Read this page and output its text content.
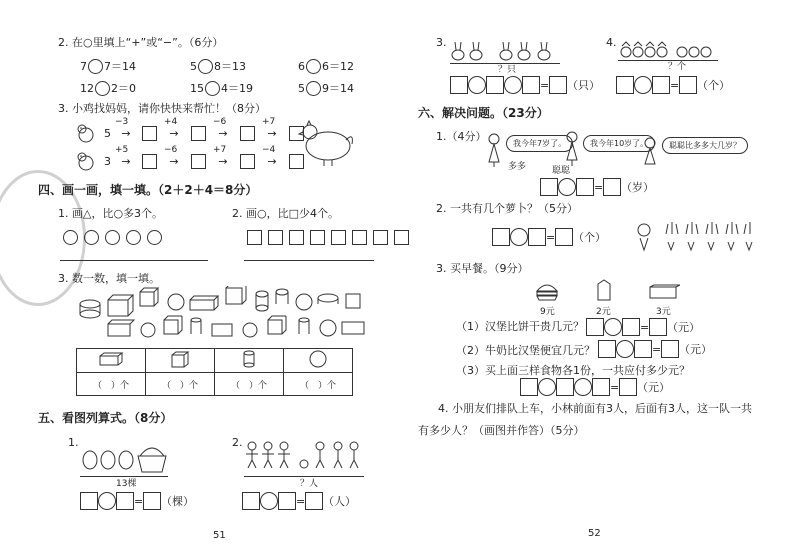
2. 在○里填上“+”或“−”。（6分）
7 7＝14	5 8＝13	6 6＝12
12 2＝0	15 4＝19	5 9＝14
3. 小鸡找妈妈，请你快快来帮忙！（8分）
5
−3
→
+4
→
−6
→
+7
→
3
+5
→
−6
→
+7
→
−4
→
四、画一画，填一填。（2＋2＋4＝8分）
1. 画△，比○多3个。	2. 画○，比□少4个。
3. 数一数，填一填。

（　）个	（　）个	（　）个	（　）个
五、看图列算式。（8分）
1.
13棵
= （棵）
2.
？人
= （人）
51
3.
？只
= （只）
4.
？个
= （个）
六、解决问题。（23分）
1.（4分）
我今年7岁了。
多多
我今年10岁了。
聪聪
聪聪比多多大几岁？
= （岁）
2. 一共有几个萝卜？（5分）
= （个）
3. 买早餐。（9分）
9元	2元	3元
（1）汉堡比饼干贵几元？	= （元）
（2）牛奶比汉堡便宜几元？	= （元）
（3）买上面三样食物各1份，一共应付多少元？
= （元）
4. 小朋友们排队上车，小林前面有3人，后面有3人，这一队一共
有多少人？（画图并作答）（5分）
52
